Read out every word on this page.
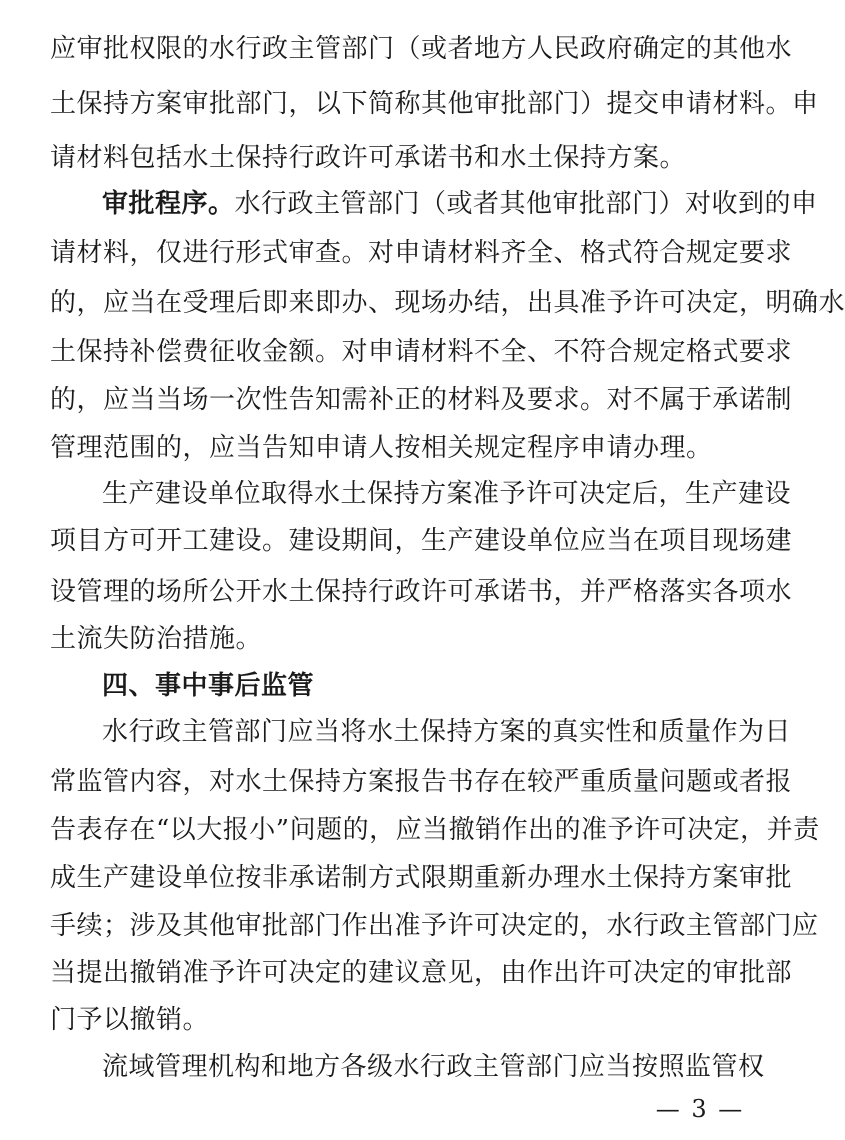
应审批权限的水行政主管部门（或者地方人民政府确定的其他水
土保持方案审批部门，以下简称其他审批部门）提交申请材料。申
请材料包括水土保持行政许可承诺书和水土保持方案。
审批程序。水行政主管部门（或者其他审批部门）对收到的申
请材料，仅进行形式审查。对申请材料齐全、格式符合规定要求
的，应当在受理后即来即办、现场办结，出具准予许可决定，明确水
土保持补偿费征收金额。对申请材料不全、不符合规定格式要求
的，应当当场一次性告知需补正的材料及要求。对不属于承诺制
管理范围的，应当告知申请人按相关规定程序申请办理。
生产建设单位取得水土保持方案准予许可决定后，生产建设
项目方可开工建设。建设期间，生产建设单位应当在项目现场建
设管理的场所公开水土保持行政许可承诺书，并严格落实各项水
土流失防治措施。
四、事中事后监管
水行政主管部门应当将水土保持方案的真实性和质量作为日
常监管内容，对水土保持方案报告书存在较严重质量问题或者报
告表存在“以大报小”问题的，应当撤销作出的准予许可决定，并责
成生产建设单位按非承诺制方式限期重新办理水土保持方案审批
手续；涉及其他审批部门作出准予许可决定的，水行政主管部门应
当提出撤销准予许可决定的建议意见，由作出许可决定的审批部
门予以撤销。
流域管理机构和地方各级水行政主管部门应当按照监管权
— 3 —
